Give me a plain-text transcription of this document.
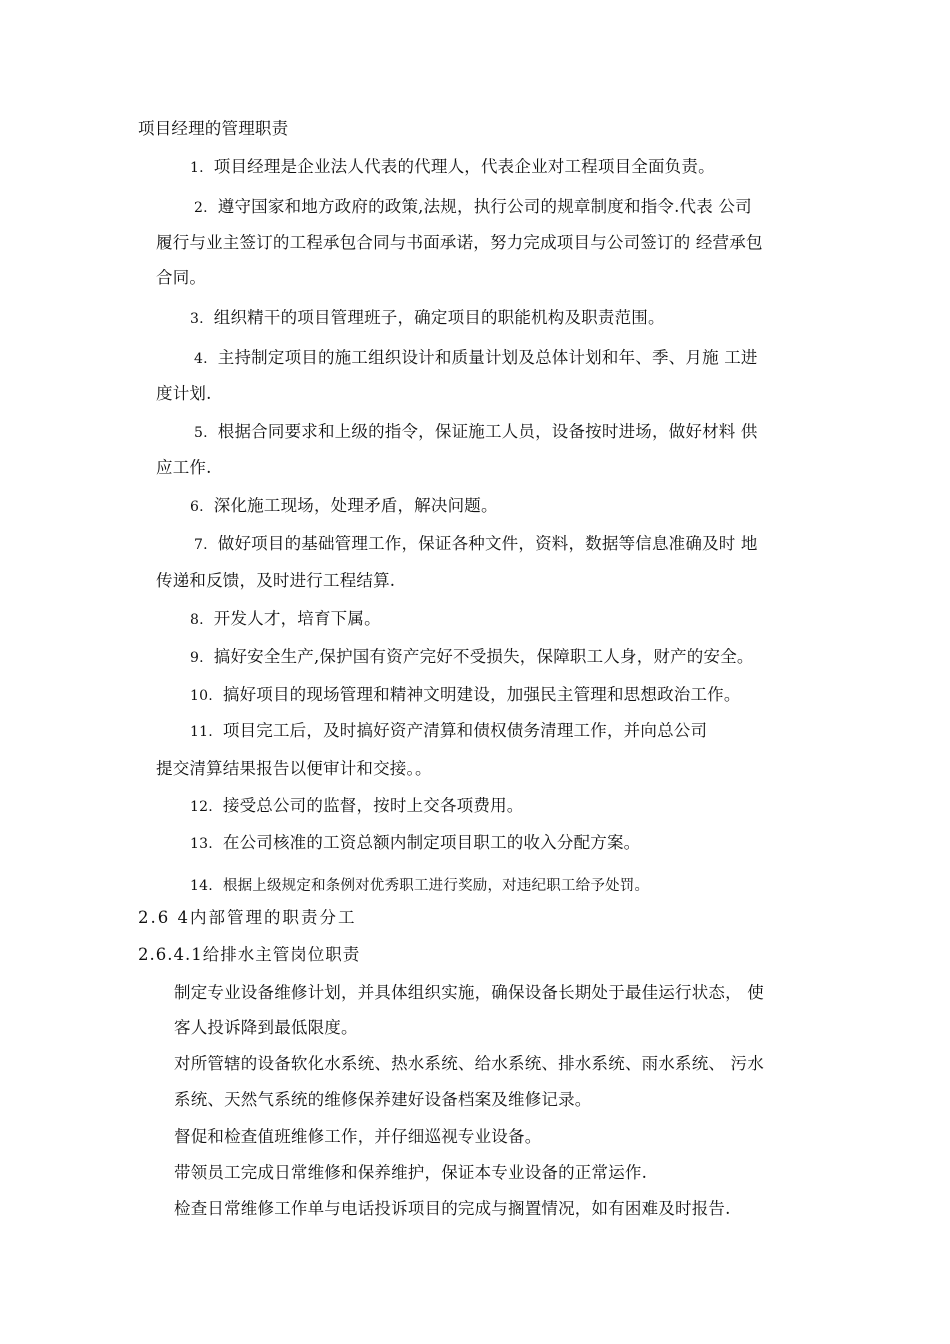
项目经理的管理职责
1. 项目经理是企业法人代表的代理人，代表企业对工程项目全面负责。
2. 遵守国家和地方政府的政策,法规，执行公司的规章制度和指令.代表 公司
履行与业主签订的工程承包合同与书面承诺，努力完成项目与公司签订的 经营承包
合同。
3. 组织精干的项目管理班子，确定项目的职能机构及职责范围。
4. 主持制定项目的施工组织设计和质量计划及总体计划和年、季、月施 工进
度计划.
5. 根据合同要求和上级的指令，保证施工人员，设备按时进场，做好材料 供
应工作.
6. 深化施工现场，处理矛盾，解决问题。
7. 做好项目的基础管理工作，保证各种文件，资料，数据等信息准确及时 地
传递和反馈，及时进行工程结算.
8. 开发人才，培育下属。
9. 搞好安全生产,保护国有资产完好不受损失，保障职工人身，财产的安全。
10. 搞好项目的现场管理和精神文明建设，加强民主管理和思想政治工作。
11. 项目完工后，及时搞好资产清算和债权债务清理工作，并向总公司
提交清算结果报告以便审计和交接。。
12. 接受总公司的监督，按时上交各项费用。
13. 在公司核准的工资总额内制定项目职工的收入分配方案。
14. 根据上级规定和条例对优秀职工进行奖励，对违纪职工给予处罚。
2.6 4内部管理的职责分工
2.6.4.1给排水主管岗位职责
制定专业设备维修计划，并具体组织实施，确保设备长期处于最佳运行状态， 使
客人投诉降到最低限度。
对所管辖的设备软化水系统、热水系统、给水系统、排水系统、雨水系统、 污水
系统、天然气系统的维修保养建好设备档案及维修记录。
督促和检查值班维修工作，并仔细巡视专业设备。
带领员工完成日常维修和保养维护，保证本专业设备的正常运作.
检查日常维修工作单与电话投诉项目的完成与搁置情况，如有困难及时报告.
